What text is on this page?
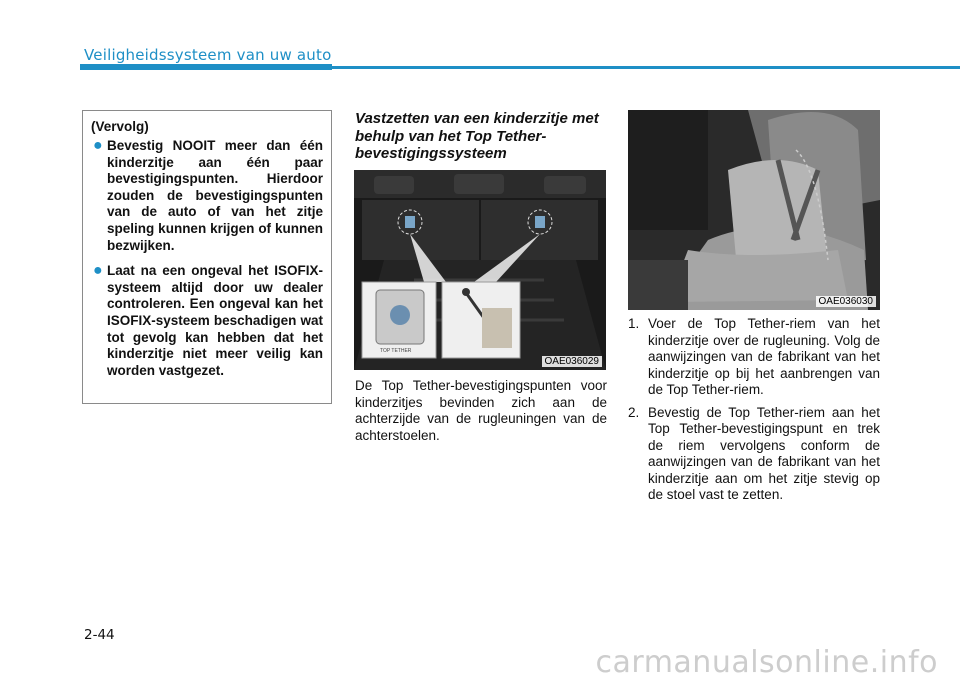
Veiligheidssysteem van uw auto
(Vervolg)
● Bevestig NOOIT meer dan één kinderzitje aan één paar bevestigingspunten. Hierdoor zouden de bevestigingspunten van de auto of van het zitje speling kunnen krijgen of kunnen bezwijken.
● Laat na een ongeval het ISOFIX-systeem altijd door uw dealer controleren. Een ongeval kan het ISOFIX-systeem beschadigen wat tot gevolg kan hebben dat het kinderzitje niet meer veilig kan worden vastgezet.
Vastzetten van een kinderzitje met behulp van het Top Tether-bevestigingssysteem
TOP TETHER
OAE036029
De Top Tether-bevestigingspunten voor kinderzitjes bevinden zich aan de achterzijde van de rugleuningen van de achterstoelen.
OAE036030
1. Voer de Top Tether-riem van het kinderzitje over de rugleuning. Volg de aanwijzingen van de fabrikant van het kinderzitje op bij het aanbrengen van de Top Tether-riem.
2. Bevestig de Top Tether-riem aan het Top Tether-bevestigingspunt en trek de riem vervolgens conform de aanwijzingen van de fabrikant van het kinderzitje aan om het zitje stevig op de stoel vast te zetten.
2-44
carmanualsonline.info
